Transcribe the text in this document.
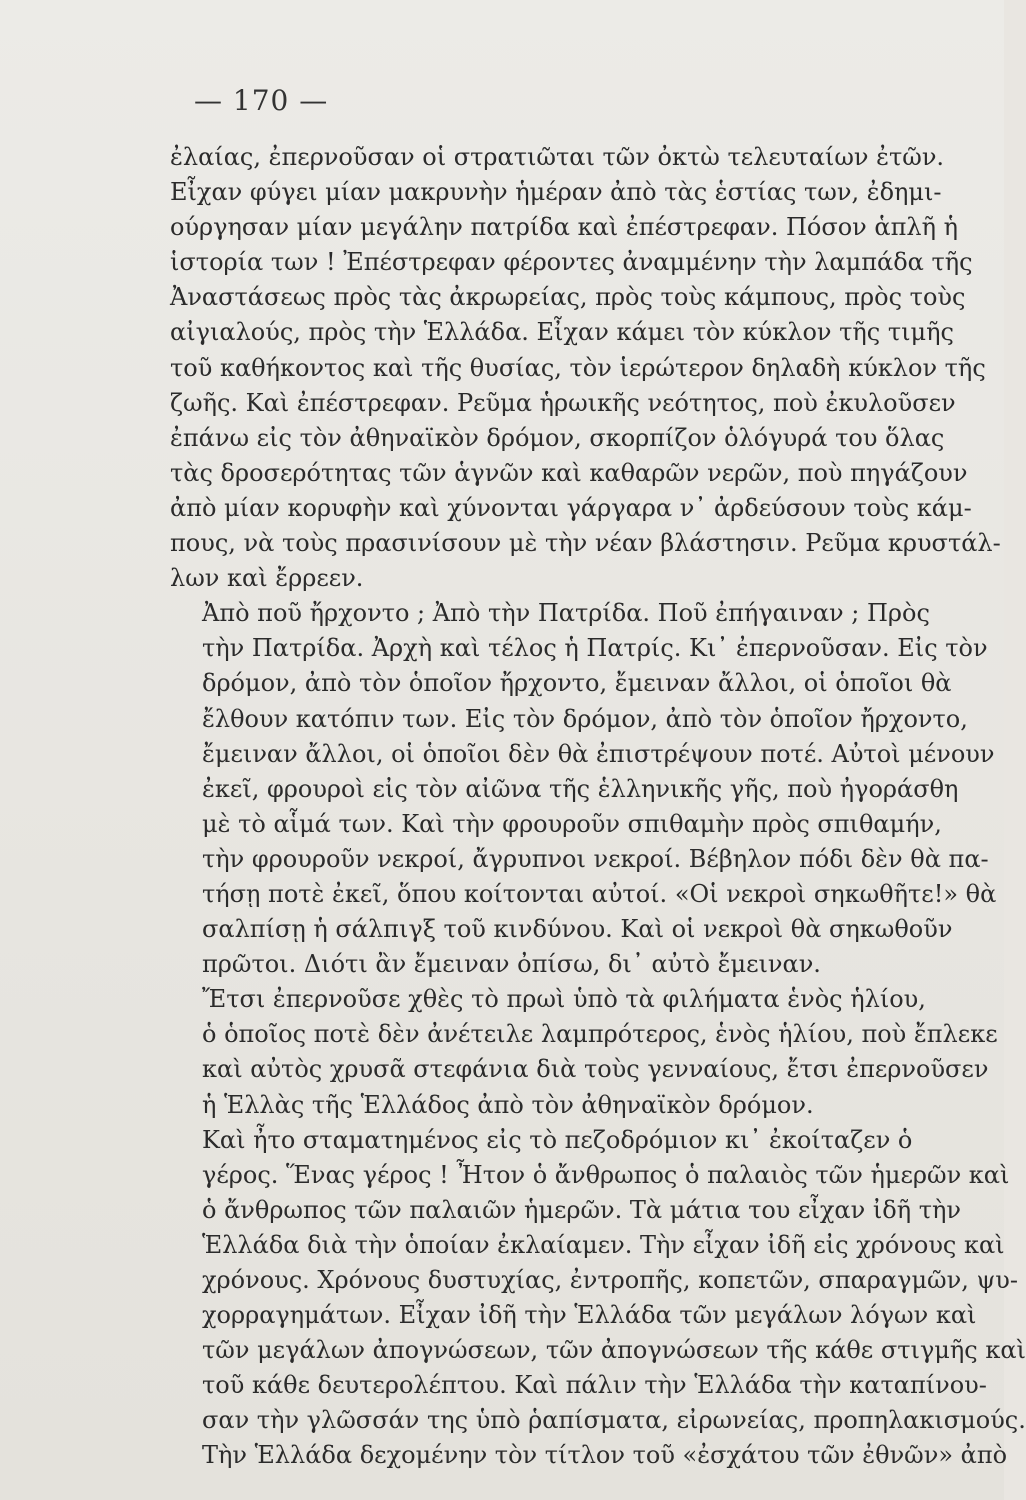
— 170 —

ἐλαίας, ἐπερνοῦσαν οἱ στρατιῶται τῶν ὀκτὼ τελευταίων ἐτῶν.
Εἶχαν φύγει μίαν μακρυνὴν ἡμέραν ἀπὸ τὰς ἑστίας των, ἐδημι-
ούργησαν μίαν μεγάλην πατρίδα καὶ ἐπέστρεφαν. Πόσον ἁπλῆ ἡ
ἱστορία των ! Ἐπέστρεφαν φέροντες ἀναμμένην τὴν λαμπάδα τῆς
Ἀναστάσεως πρὸς τὰς ἀκρωρείας, πρὸς τοὺς κάμπους, πρὸς τοὺς
αἰγιαλούς, πρὸς τὴν Ἑλλάδα. Εἶχαν κάμει τὸν κύκλον τῆς τιμῆς
τοῦ καθήκοντος καὶ τῆς θυσίας, τὸν ἱερώτερον δηλαδὴ κύκλον τῆς
ζωῆς. Καὶ ἐπέστρεφαν. Ρεῦμα ἡρωικῆς νεότητος, ποὺ ἐκυλοῦσεν
ἐπάνω εἰς τὸν ἀθηναϊκὸν δρόμον, σκορπίζον ὁλόγυρά του ὅλας
τὰς δροσερότητας τῶν ἁγνῶν καὶ καθαρῶν νερῶν, ποὺ πηγάζουν
ἀπὸ μίαν κορυφὴν καὶ χύνονται γάργαρα ν᾽ ἀρδεύσουν τοὺς κάμ-
πους, νὰ τοὺς πρασινίσουν μὲ τὴν νέαν βλάστησιν. Ρεῦμα κρυστάλ-
λων καὶ ἔρρεεν.

Ἀπὸ ποῦ ἤρχοντο ; Ἀπὸ τὴν Πατρίδα. Ποῦ ἐπήγαιναν ; Πρὸς
τὴν Πατρίδα. Ἀρχὴ καὶ τέλος ἡ Πατρίς. Κι᾽ ἐπερνοῦσαν. Εἰς τὸν
δρόμον, ἀπὸ τὸν ὁποῖον ἤρχοντο, ἔμειναν ἄλλοι, οἱ ὁποῖοι θὰ
ἔλθουν κατόπιν των. Εἰς τὸν δρόμον, ἀπὸ τὸν ὁποῖον ἤρχοντο,
ἔμειναν ἄλλοι, οἱ ὁποῖοι δὲν θὰ ἐπιστρέψουν ποτέ. Αὐτοὶ μένουν
ἐκεῖ, φρουροὶ εἰς τὸν αἰῶνα τῆς ἑλληνικῆς γῆς, ποὺ ἠγοράσθη
μὲ τὸ αἷμά των. Καὶ τὴν φρουροῦν σπιθαμὴν πρὸς σπιθαμήν,
τὴν φρουροῦν νεκροί, ἄγρυπνοι νεκροί. Βέβηλον πόδι δὲν θὰ πα-
τήσῃ ποτὲ ἐκεῖ, ὅπου κοίτονται αὐτοί. «Οἱ νεκροὶ σηκωθῆτε!» θὰ
σαλπίσῃ ἡ σάλπιγξ τοῦ κινδύνου. Καὶ οἱ νεκροὶ θὰ σηκωθοῦν
πρῶτοι. Διότι ἂν ἔμειναν ὀπίσω, δι᾽ αὐτὸ ἔμειναν.

Ἔτσι ἐπερνοῦσε χθὲς τὸ πρωὶ ὑπὸ τὰ φιλήματα ἑνὸς ἡλίου,
ὁ ὁποῖος ποτὲ δὲν ἀνέτειλε λαμπρότερος, ἑνὸς ἡλίου, ποὺ ἔπλεκε
καὶ αὐτὸς χρυσᾶ στεφάνια διὰ τοὺς γενναίους, ἔτσι ἐπερνοῦσεν
ἡ Ἑλλὰς τῆς Ἑλλάδος ἀπὸ τὸν ἀθηναϊκὸν δρόμον.

Καὶ ἦτο σταματημένος εἰς τὸ πεζοδρόμιον κι᾽ ἐκοίταζεν ὁ
γέρος. Ἕνας γέρος ! Ἦτον ὁ ἄνθρωπος ὁ παλαιὸς τῶν ἡμερῶν καὶ
ὁ ἄνθρωπος τῶν παλαιῶν ἡμερῶν. Τὰ μάτια του εἶχαν ἰδῆ τὴν
Ἑλλάδα διὰ τὴν ὁποίαν ἐκλαίαμεν. Τὴν εἶχαν ἰδῆ εἰς χρόνους καὶ
χρόνους. Χρόνους δυστυχίας, ἐντροπῆς, κοπετῶν, σπαραγμῶν, ψυ-
χορραγημάτων. Εἶχαν ἰδῆ τὴν Ἑλλάδα τῶν μεγάλων λόγων καὶ
τῶν μεγάλων ἀπογνώσεων, τῶν ἀπογνώσεων τῆς κάθε στιγμῆς καὶ
τοῦ κάθε δευτερολέπτου. Καὶ πάλιν τὴν Ἑλλάδα τὴν καταπίνου-
σαν τὴν γλῶσσάν της ὑπὸ ῥαπίσματα, εἰρωνείας, προπηλακισμούς.
Τὴν Ἑλλάδα δεχομένην τὸν τίτλον τοῦ «ἐσχάτου τῶν ἐθνῶν» ἀπὸ
